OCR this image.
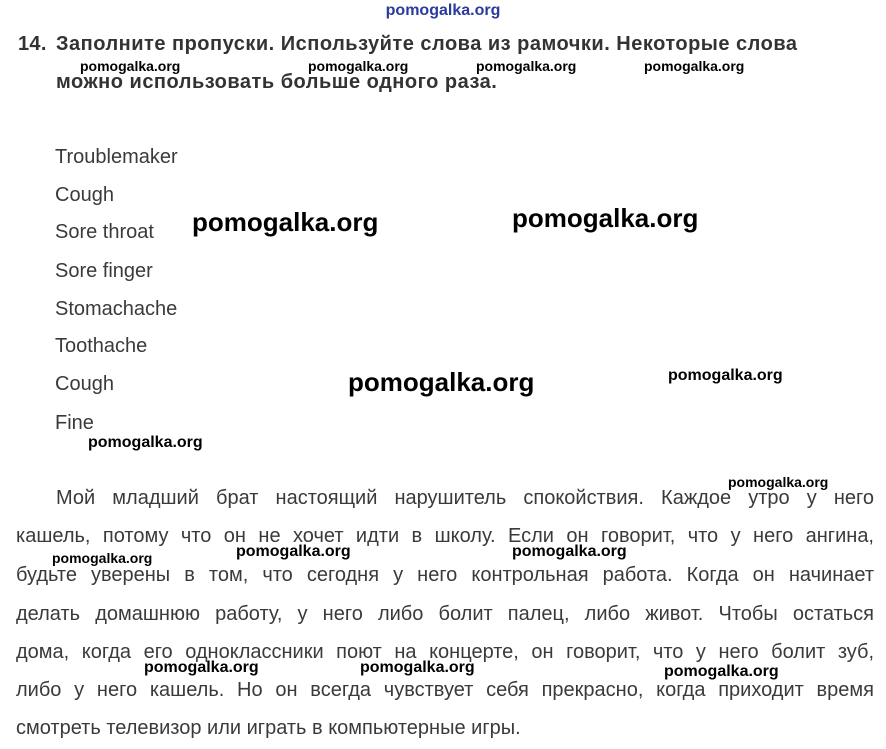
pomogalka.org
14. Заполните пропуски. Используйте слова из рамочки. Некоторые слова
можно использовать больше одного раза.
Troublemaker
Cough
Sore throat
Sore finger
Stomachache
Toothache
Cough
Fine
Мой младший брат настоящий нарушитель спокойствия. Каждое утро у него
кашель, потому что он не хочет идти в школу. Если он говорит, что у него ангина,
будьте уверены в том, что сегодня у него контрольная работа. Когда он начинает
делать домашнюю работу, у него либо болит палец, либо живот. Чтобы остаться
дома, когда его одноклассники поют на концерте, он говорит, что у него болит зуб,
либо у него кашель. Но он всегда чувствует себя прекрасно, когда приходит время
смотреть телевизор или играть в компьютерные игры.
pomogalka.org	pomogalka.org	pomogalka.org	pomogalka.org
pomogalka.org	pomogalka.org
pomogalka.org	pomogalka.org
pomogalka.org
pomogalka.org
pomogalka.org	pomogalka.org	pomogalka.org
pomogalka.org	pomogalka.org	pomogalka.org
